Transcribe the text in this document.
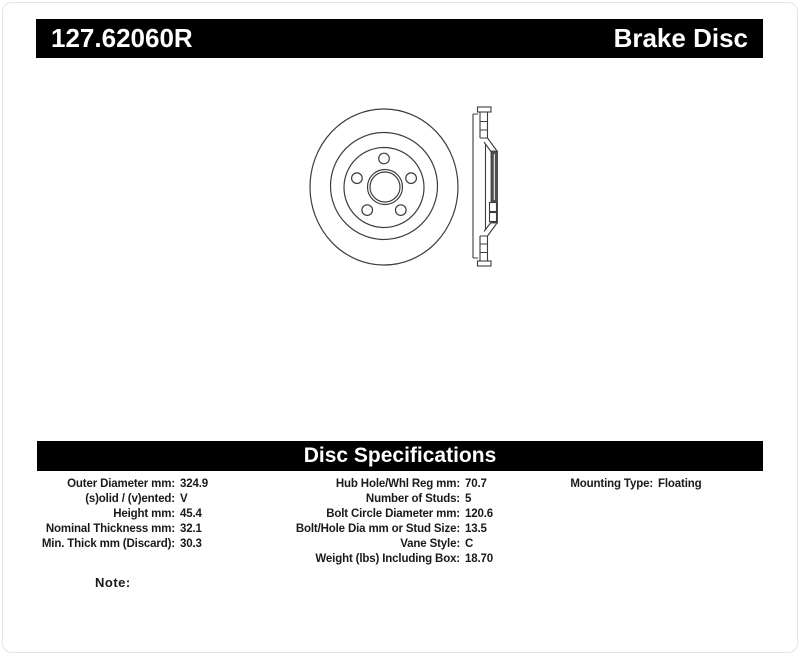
127.62060R	Brake Disc
Disc Specifications
Outer Diameter mm: 324.9
(s)olid / (v)ented: V
Height mm: 45.4
Nominal Thickness mm: 32.1
Min. Thick mm (Discard): 30.3
Hub Hole/Whl Reg mm: 70.7
Number of Studs: 5
Bolt Circle Diameter mm: 120.6
Bolt/Hole Dia mm or Stud Size: 13.5
Vane Style: C
Weight (lbs) Including Box: 18.70
Mounting Type: Floating
Note:
